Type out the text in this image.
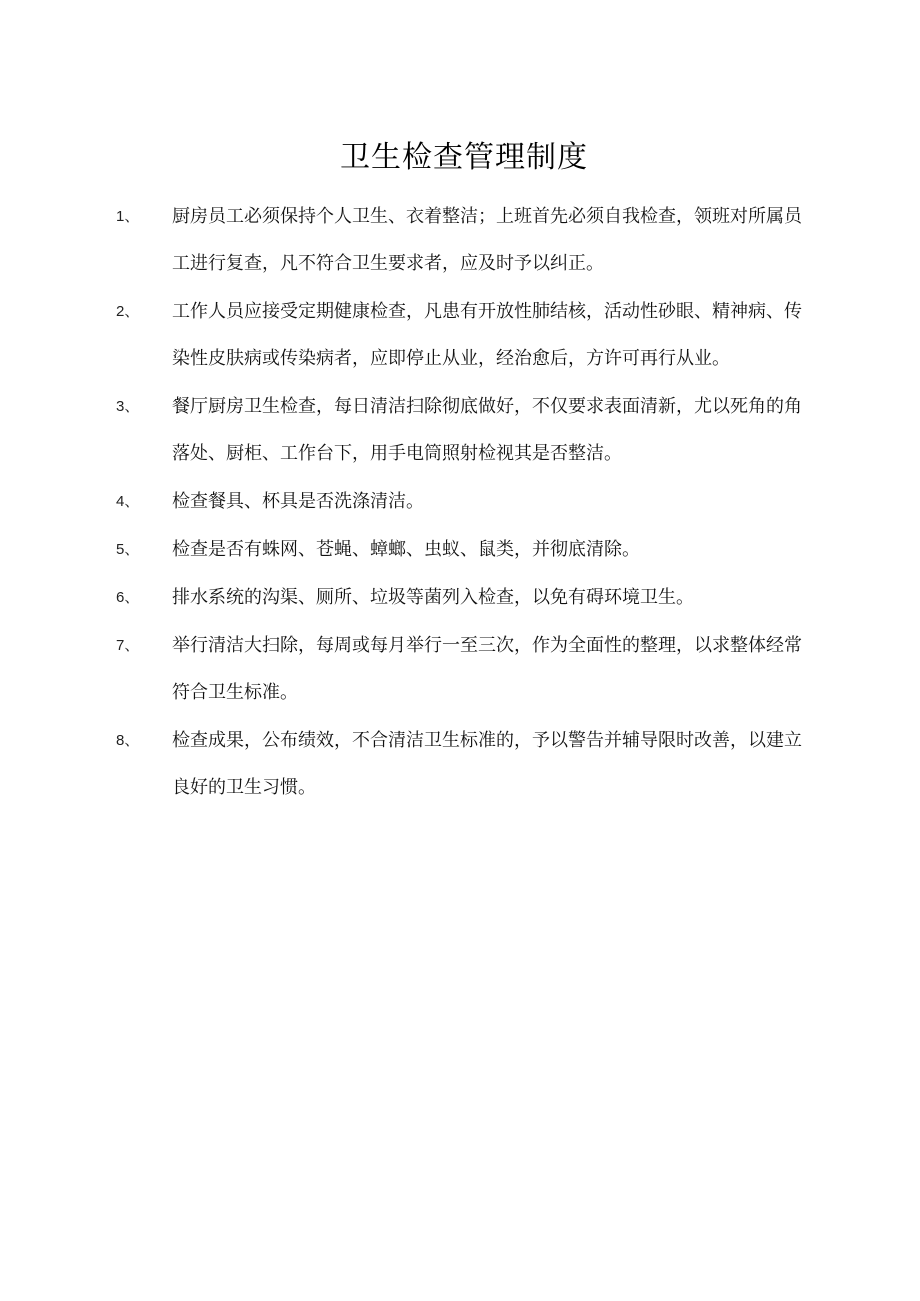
卫生检查管理制度
1、 厨房员工必须保持个人卫生、衣着整洁；上班首先必须自我检查，领班对所属员工进行复查，凡不符合卫生要求者，应及时予以纠正。
2、 工作人员应接受定期健康检查，凡患有开放性肺结核，活动性砂眼、精神病、传染性皮肤病或传染病者，应即停止从业，经治愈后，方许可再行从业。
3、 餐厅厨房卫生检查，每日清洁扫除彻底做好，不仅要求表面清新，尤以死角的角落处、厨柜、工作台下，用手电筒照射检视其是否整洁。
4、 检查餐具、杯具是否洗涤清洁。
5、 检查是否有蛛网、苍蝇、蟑螂、虫蚁、鼠类，并彻底清除。
6、 排水系统的沟渠、厕所、垃圾等菌列入检查，以免有碍环境卫生。
7、 举行清洁大扫除，每周或每月举行一至三次，作为全面性的整理，以求整体经常符合卫生标准。
8、 检查成果，公布绩效，不合清洁卫生标准的，予以警告并辅导限时改善，以建立良好的卫生习惯。
